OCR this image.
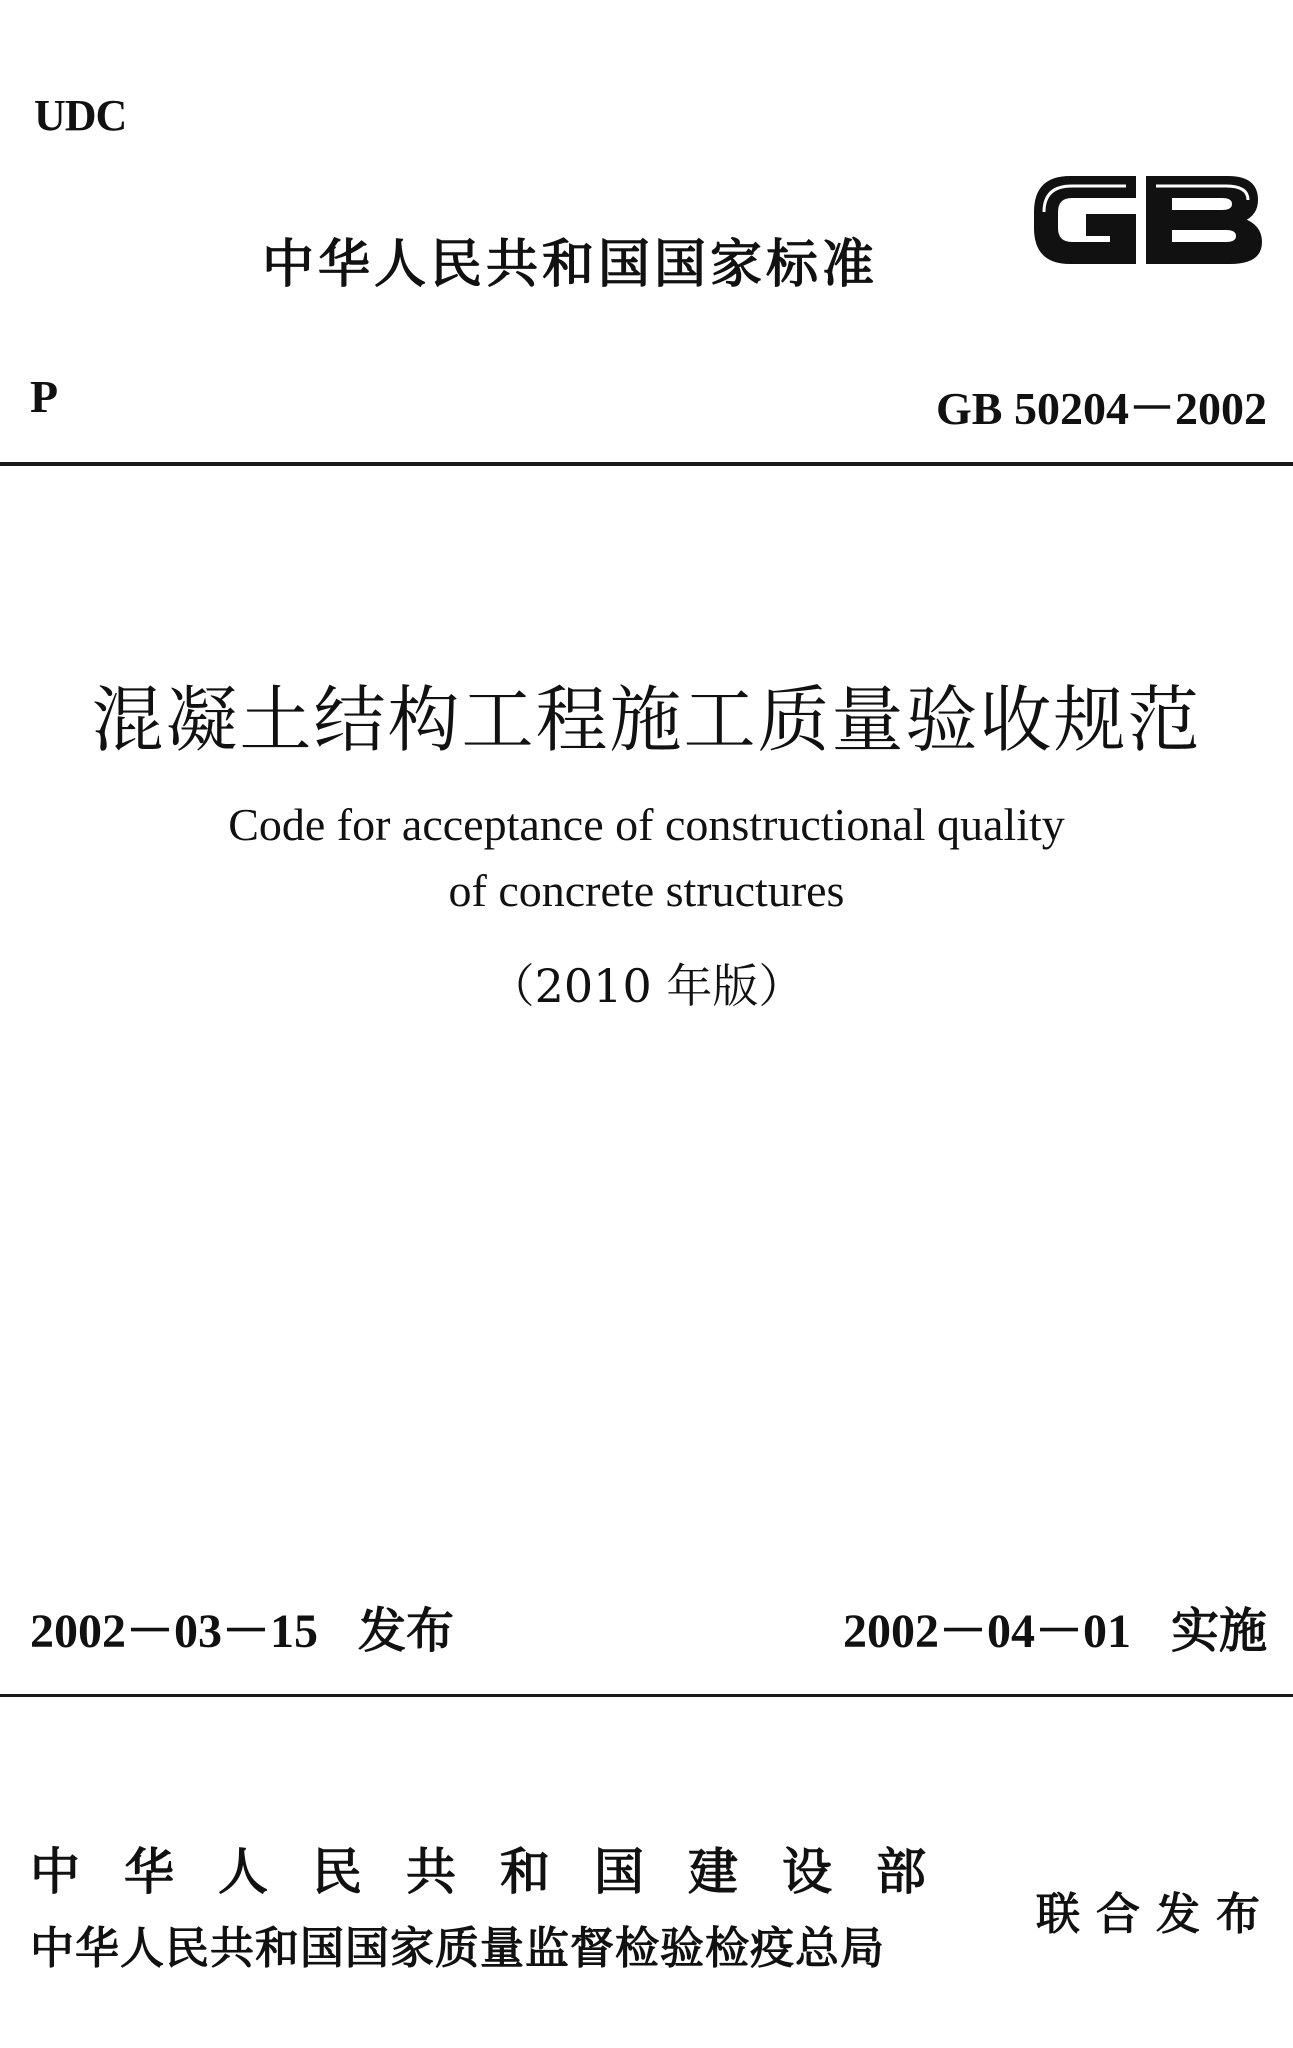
UDC
中华人民共和国国家标准
P	GB 50204－2002
混凝土结构工程施工质量验收规范
Code for acceptance of constructional quality
of concrete structures
（2010 年版）
2002－03－15 发布	2002－04－01 实施
中华人民共和国建设部
中华人民共和国国家质量监督检验检疫总局
联合发布
